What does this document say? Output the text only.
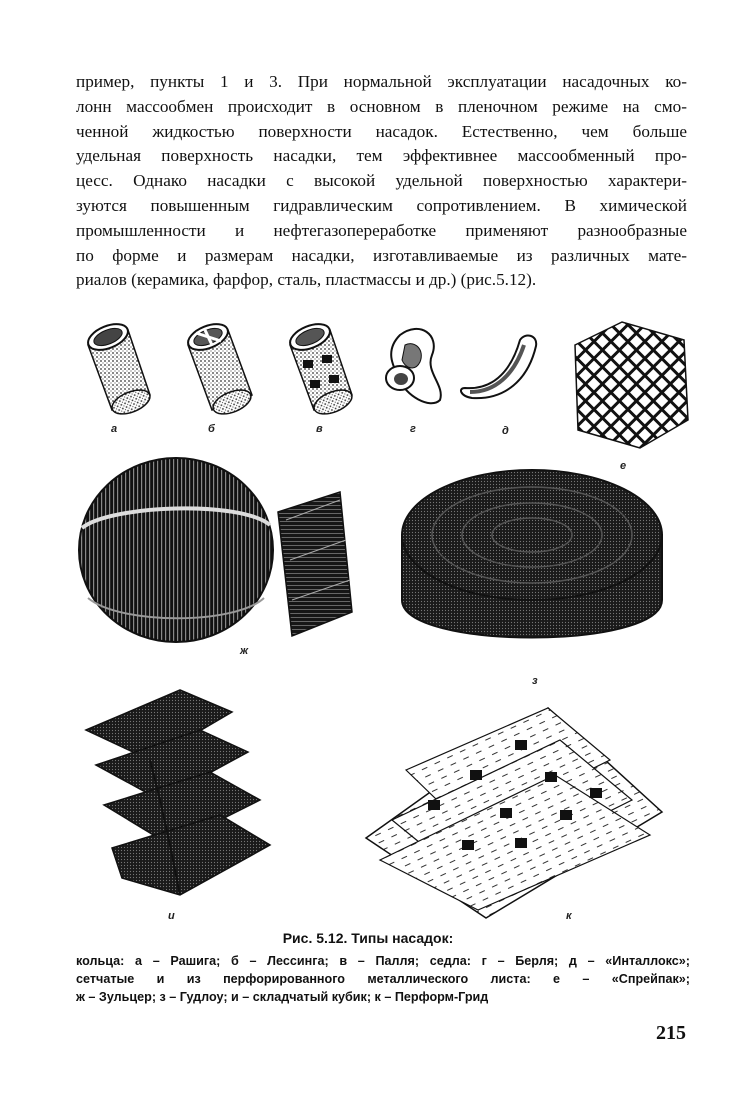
пример, пункты 1 и 3. При нормальной эксплуатации насадочных ко-
лонн массообмен происходит в основном в пленочном режиме на смо-
ченной жидкостью поверхности насадок. Естественно, чем больше
удельная поверхность насадки, тем эффективнее массообменный про-
цесс. Однако насадки с высокой удельной поверхностью характери-
зуются повышенным гидравлическим сопротивлением. В химической
промышленности и нефтегазопереработке применяют разнообразные
по форме и размерам насадки, изготавливаемые из различных мате-
риалов (керамика, фарфор, сталь, пластмассы и др.) (рис.5.12).
а	б	в	г	д
е
ж
з
и	к
Рис. 5.12. Типы насадок:
кольца: а – Рашига; б – Лессинга; в – Палля; седла: г – Берля; д – «Инталлокс»;
сетчатые и из перфорированного металлического листа: е – «Спрейпак»;
ж – Зульцер; з – Гудлоу; и – складчатый кубик; к – Перформ-Грид
215
